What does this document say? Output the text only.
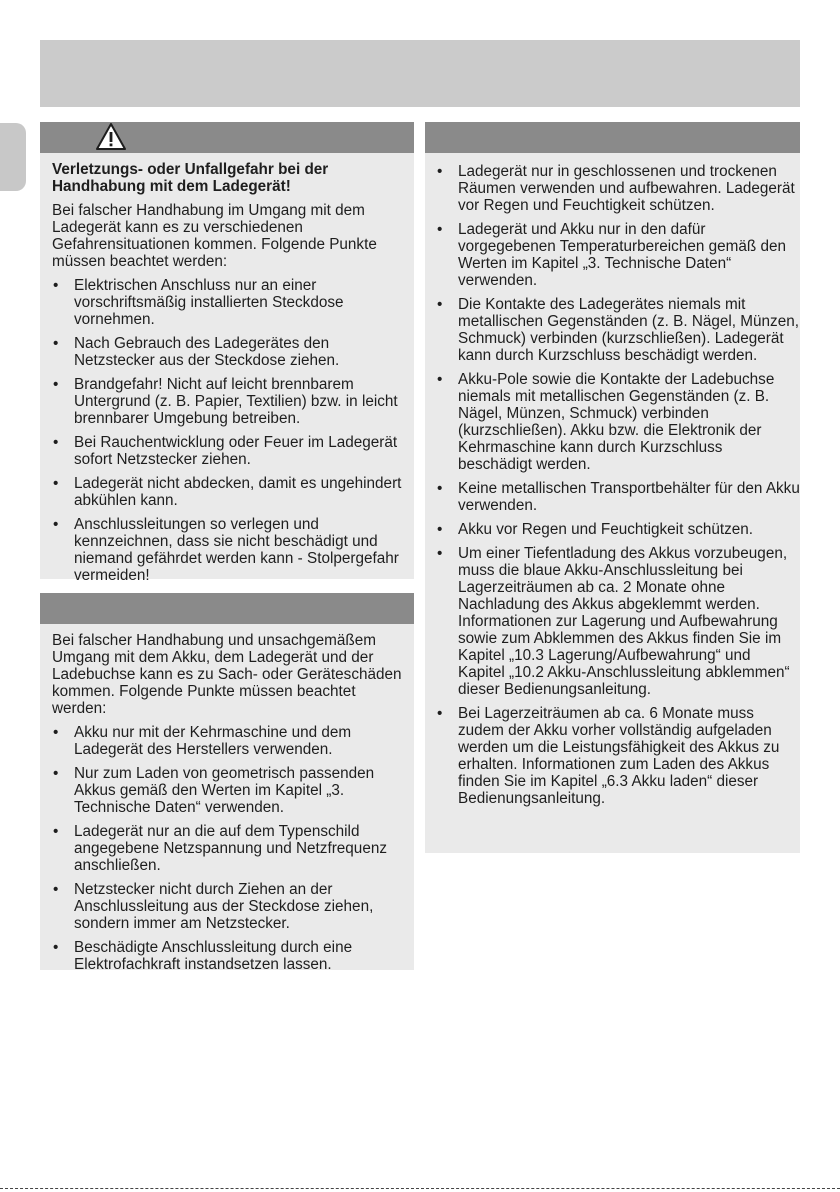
Verletzungs- oder Unfallgefahr bei der Handhabung mit dem Ladegerät!

Bei falscher Handhabung im Umgang mit dem Ladegerät kann es zu verschiedenen Gefahrensituationen kommen. Folgende Punkte müssen beachtet werden:

• Elektrischen Anschluss nur an einer vorschriftsmäßig installierten Steckdose vornehmen.
• Nach Gebrauch des Ladegerätes den Netzstecker aus der Steckdose ziehen.
• Brandgefahr! Nicht auf leicht brennbarem Untergrund (z. B. Papier, Textilien) bzw. in leicht brennbarer Umgebung betreiben.
• Bei Rauchentwicklung oder Feuer im Ladegerät sofort Netzstecker ziehen.
• Ladegerät nicht abdecken, damit es ungehindert abkühlen kann.
• Anschlussleitungen so verlegen und kennzeichnen, dass sie nicht beschädigt und niemand gefährdet werden kann - Stolpergefahr vermeiden!

Bei falscher Handhabung und unsachgemäßem Umgang mit dem Akku, dem Ladegerät und der Ladebuchse kann es zu Sach- oder Geräteschäden kommen. Folgende Punkte müssen beachtet werden:

• Akku nur mit der Kehrmaschine und dem Ladegerät des Herstellers verwenden.
• Nur zum Laden von geometrisch passenden Akkus gemäß den Werten im Kapitel „3. Technische Daten“ verwenden.
• Ladegerät nur an die auf dem Typenschild angegebene Netzspannung und Netzfrequenz anschließen.
• Netzstecker nicht durch Ziehen an der Anschlussleitung aus der Steckdose ziehen, sondern immer am Netzstecker.
• Beschädigte Anschlussleitung durch eine Elektrofachkraft instandsetzen lassen.
• Ladegerät nur in geschlossenen und trockenen Räumen verwenden und aufbewahren. Ladegerät vor Regen und Feuchtigkeit schützen.
• Ladegerät und Akku nur in den dafür vorgegebenen Temperaturbereichen gemäß den Werten im Kapitel „3. Technische Daten“ verwenden.
• Die Kontakte des Ladegerätes niemals mit metallischen Gegenständen (z. B. Nägel, Münzen, Schmuck) verbinden (kurzschließen). Ladegerät kann durch Kurzschluss beschädigt werden.
• Akku-Pole sowie die Kontakte der Ladebuchse niemals mit metallischen Gegenständen (z. B. Nägel, Münzen, Schmuck) verbinden (kurzschließen). Akku bzw. die Elektronik der Kehrmaschine kann durch Kurzschluss beschädigt werden.
• Keine metallischen Transportbehälter für den Akku verwenden.
• Akku vor Regen und Feuchtigkeit schützen.
• Um einer Tiefentladung des Akkus vorzubeugen, muss die blaue Akku-Anschlussleitung bei Lagerzeiträumen ab ca. 2 Monate ohne Nachladung des Akkus abgeklemmt werden. Informationen zur Lagerung und Aufbewahrung sowie zum Abklemmen des Akkus finden Sie im Kapitel „10.3 Lagerung/Aufbewahrung“ und Kapitel „10.2 Akku-Anschlussleitung abklemmen“ dieser Bedienungsanleitung.
• Bei Lagerzeiträumen ab ca. 6 Monate muss zudem der Akku vorher vollständig aufgeladen werden um die Leistungsfähigkeit des Akkus zu erhalten. Informationen zum Laden des Akkus finden Sie im Kapitel „6.3 Akku laden“ dieser Bedienungsanleitung.
